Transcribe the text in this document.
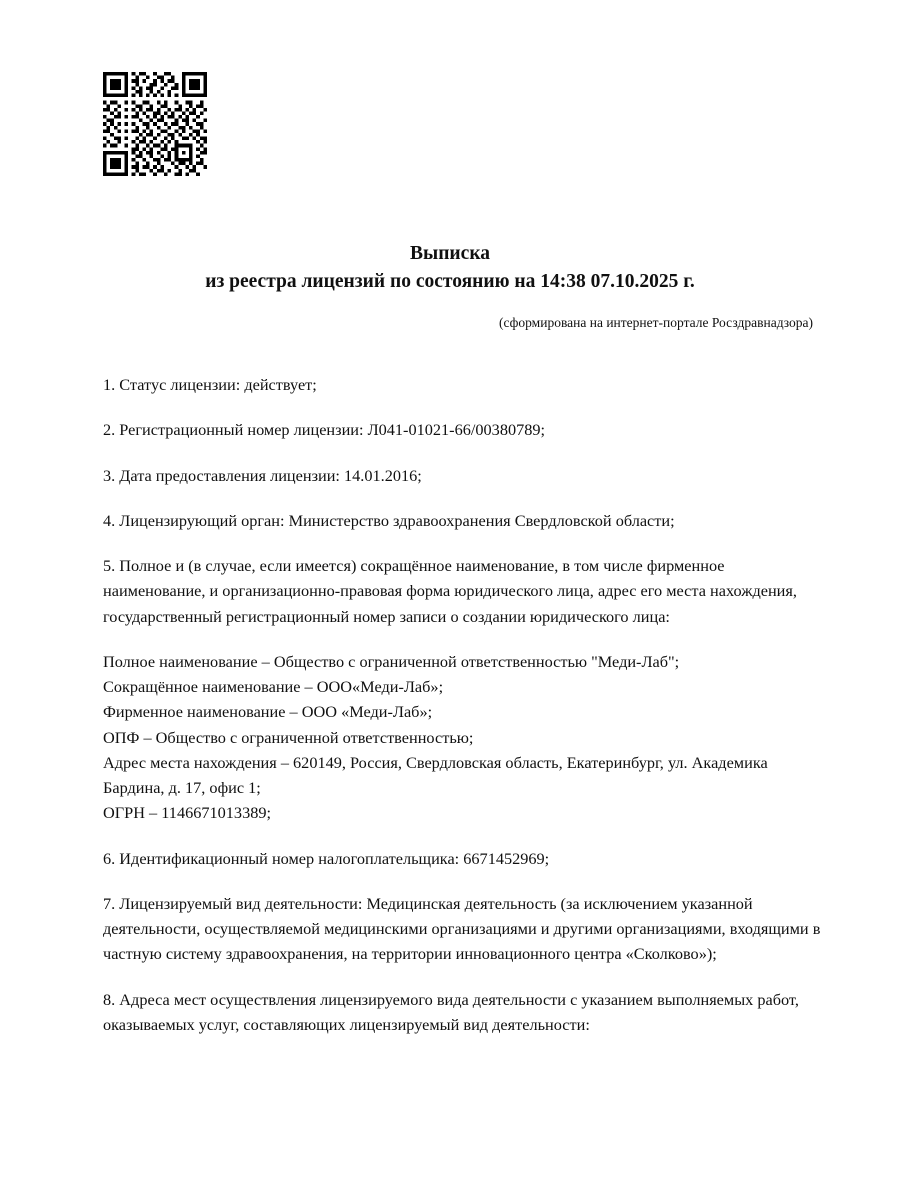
Выписка
из реестра лицензий по состоянию на 14:38 07.10.2025 г.
(сформирована на интернет-портале Росздравнадзора)

1. Статус лицензии: действует;

2. Регистрационный номер лицензии: Л041-01021-66/00380789;

3. Дата предоставления лицензии: 14.01.2016;

4. Лицензирующий орган: Министерство здравоохранения Свердловской области;

5. Полное и (в случае, если имеется) сокращённое наименование, в том числе фирменное наименование, и организационно-правовая форма юридического лица, адрес его места нахождения, государственный регистрационный номер записи о создании юридического лица:

Полное наименование – Общество с ограниченной ответственностью "Меди-Лаб";
Сокращённое наименование – ООО«Меди-Лаб»;
Фирменное наименование – ООО «Меди-Лаб»;
ОПФ – Общество с ограниченной ответственностью;
Адрес места нахождения – 620149, Россия, Свердловская область, Екатеринбург, ул. Академика Бардина, д. 17, офис 1;
ОГРН – 1146671013389;

6. Идентификационный номер налогоплательщика: 6671452969;

7. Лицензируемый вид деятельности: Медицинская деятельность (за исключением указанной деятельности, осуществляемой медицинскими организациями и другими организациями, входящими в частную систему здравоохранения, на территории инновационного центра «Сколково»);

8. Адреса мест осуществления лицензируемого вида деятельности с указанием выполняемых работ, оказываемых услуг, составляющих лицензируемый вид деятельности:
